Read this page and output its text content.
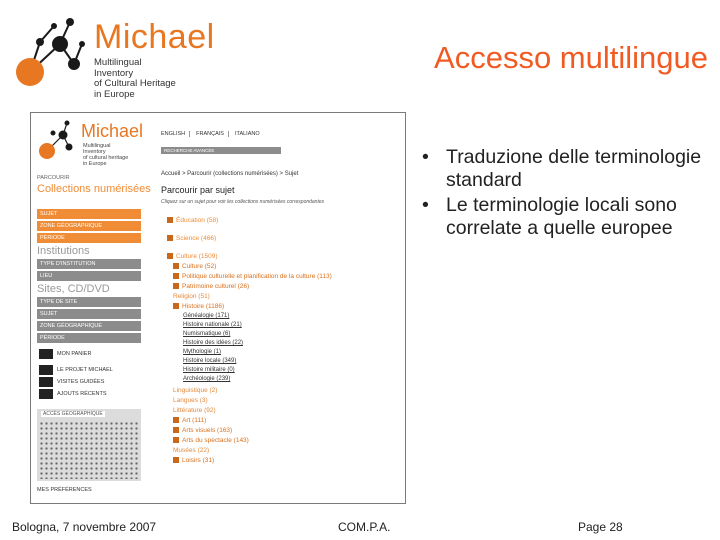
Michael
Multilingual
Inventory
of Cultural Heritage
in Europe
Accesso multilingue
Michael
Multilingual
Inventory
of cultural heritage
in Europe
PARCOURIR
Collections numérisées
SUJET
ZONE GÉOGRAPHIQUE
PÉRIODE
Institutions
TYPE D'INSTITUTION
LIEU
Sites, CD/DVD
TYPE DE SITE
SUJET
ZONE GÉOGRAPHIQUE
PÉRIODE
MON PANIER
LE PROJET MICHAEL
VISITES GUIDÉES
AJOUTS RÉCENTS
ACCÈS GÉOGRAPHIQUE
MES PRÉFÉRENCES
ENGLISH	FRANÇAIS	ITALIANO
RECHERCHE AVANCÉE
Accueil > Parcourir (collections numérisées) > Sujet
Parcourir par sujet
Cliquez sur un sujet pour voir les collections numérisées correspondantes
Éducation (58)
Science (466)
Culture (1509)
Culture (52)
Politique culturelle et planification de la culture (113)
Patrimoine culturel (26)
Religion (51)
Histoire (1186)
Généalogie (171)
Histoire nationale (21)
Numismatique (6)
Histoire des idées (22)
Mythologie (1)
Histoire locale (349)
Histoire militaire (0)
Archéologie (239)
Linguistique (2)
Langues (3)
Littérature (92)
Art (111)
Arts visuels (163)
Arts du spectacle (143)
Musées (22)
Loisirs (31)
• Traduzione delle terminologie standard
• Le terminologie locali sono correlate a quelle europee
Bologna, 7 novembre 2007	COM.P.A.	Page 28
